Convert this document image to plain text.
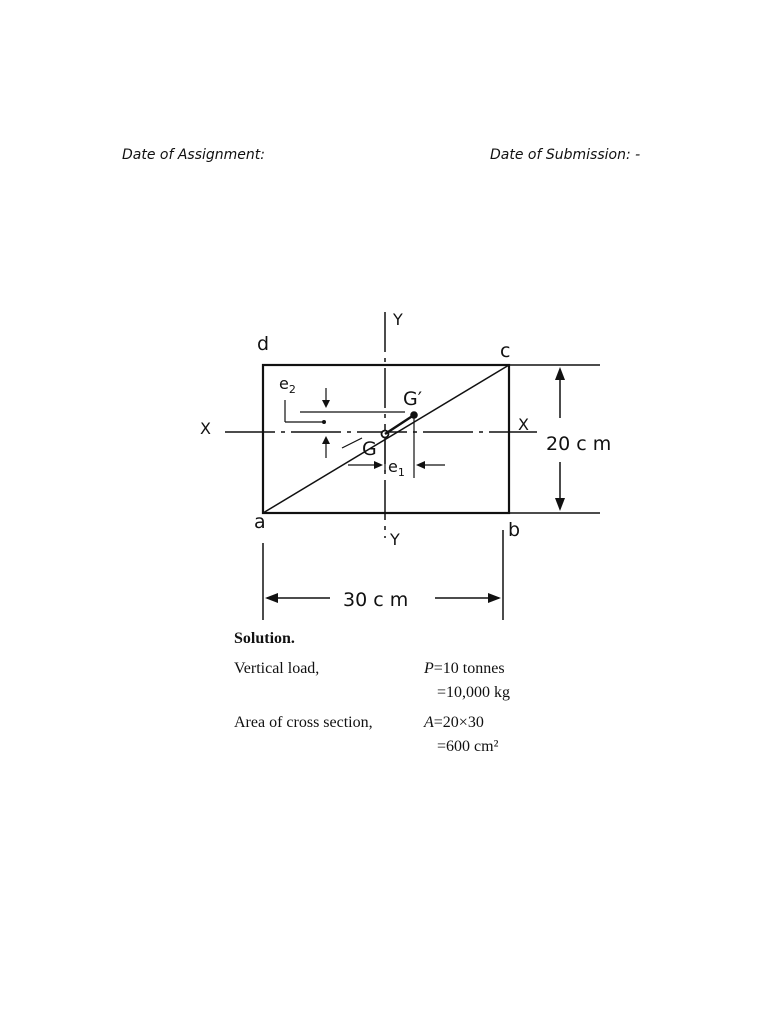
Date of Assignment:	Date of Submission: -
d	c
a	b
Y
Y
X	X
G
G′
$e_2$
$e_1$
20 c m
30 c m
Solution.
Vertical load,	P=10 tonnes
=10,000 kg
Area of cross section,	A=20×30
=600 cm²
